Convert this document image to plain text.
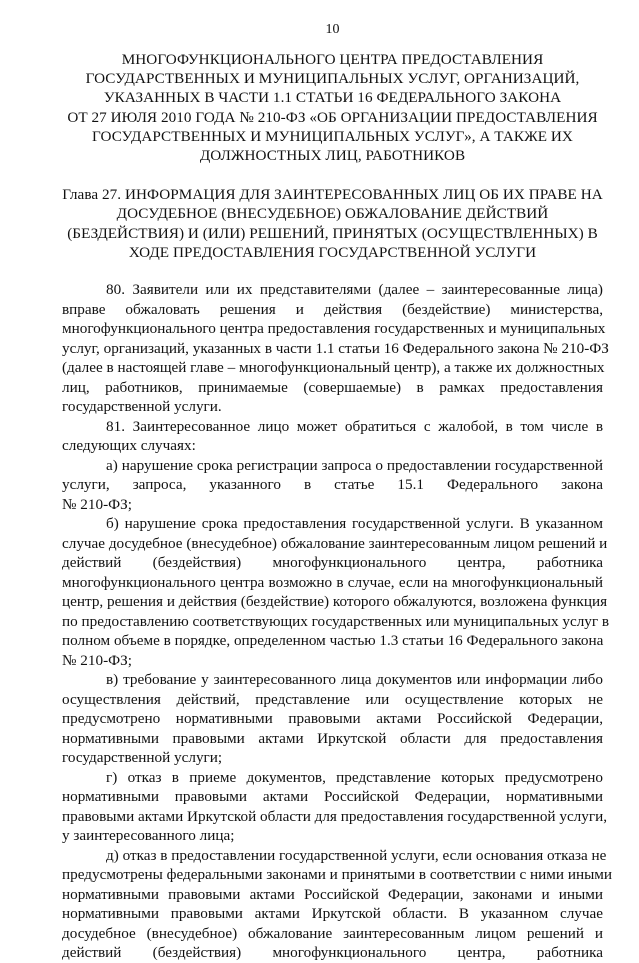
10
МНОГОФУНКЦИОНАЛЬНОГО ЦЕНТРА ПРЕДОСТАВЛЕНИЯ
ГОСУДАРСТВЕННЫХ И МУНИЦИПАЛЬНЫХ УСЛУГ, ОРГАНИЗАЦИЙ,
УКАЗАННЫХ В ЧАСТИ 1.1 СТАТЬИ 16 ФЕДЕРАЛЬНОГО ЗАКОНА
ОТ 27 ИЮЛЯ 2010 ГОДА № 210-ФЗ «ОБ ОРГАНИЗАЦИИ ПРЕДОСТАВЛЕНИЯ
ГОСУДАРСТВЕННЫХ И МУНИЦИПАЛЬНЫХ УСЛУГ», А ТАКЖЕ ИХ
ДОЛЖНОСТНЫХ ЛИЦ, РАБОТНИКОВ
Глава 27. ИНФОРМАЦИЯ ДЛЯ ЗАИНТЕРЕСОВАННЫХ ЛИЦ ОБ ИХ ПРАВЕ НА
ДОСУДЕБНОЕ (ВНЕСУДЕБНОЕ) ОБЖАЛОВАНИЕ ДЕЙСТВИЙ
(БЕЗДЕЙСТВИЯ) И (ИЛИ) РЕШЕНИЙ, ПРИНЯТЫХ (ОСУЩЕСТВЛЕННЫХ) В
ХОДЕ ПРЕДОСТАВЛЕНИЯ ГОСУДАРСТВЕННОЙ УСЛУГИ
80. Заявители или их представителями (далее – заинтересованные лица)
вправе обжаловать решения и действия (бездействие) министерства,
многофункционального центра предоставления государственных и муниципальных
услуг, организаций, указанных в части 1.1 статьи 16 Федерального закона № 210-ФЗ
(далее в настоящей главе – многофункциональный центр), а также их должностных
лиц, работников, принимаемые (совершаемые) в рамках предоставления
государственной услуги.
81. Заинтересованное лицо может обратиться с жалобой, в том числе в
следующих случаях:
а) нарушение срока регистрации запроса о предоставлении государственной
услуги, запроса, указанного в статье 15.1 Федерального закона
№ 210-ФЗ;
б) нарушение срока предоставления государственной услуги. В указанном
случае досудебное (внесудебное) обжалование заинтересованным лицом решений и
действий (бездействия) многофункционального центра, работника
многофункционального центра возможно в случае, если на многофункциональный
центр, решения и действия (бездействие) которого обжалуются, возложена функция
по предоставлению соответствующих государственных или муниципальных услуг в
полном объеме в порядке, определенном частью 1.3 статьи 16 Федерального закона
№ 210-ФЗ;
в) требование у заинтересованного лица документов или информации либо
осуществления действий, представление или осуществление которых не
предусмотрено нормативными правовыми актами Российской Федерации,
нормативными правовыми актами Иркутской области для предоставления
государственной услуги;
г) отказ в приеме документов, представление которых предусмотрено
нормативными правовыми актами Российской Федерации, нормативными
правовыми актами Иркутской области для предоставления государственной услуги,
у заинтересованного лица;
д) отказ в предоставлении государственной услуги, если основания отказа не
предусмотрены федеральными законами и принятыми в соответствии с ними иными
нормативными правовыми актами Российской Федерации, законами и иными
нормативными правовыми актами Иркутской области. В указанном случае
досудебное (внесудебное) обжалование заинтересованным лицом решений и
действий (бездействия) многофункционального центра, работника
